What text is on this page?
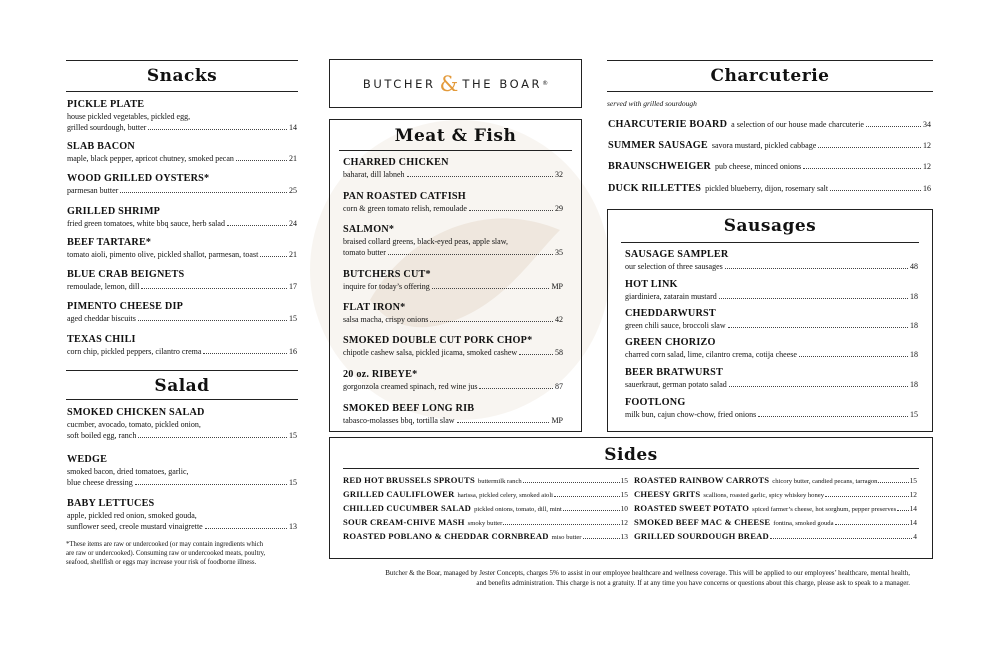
Snacks
PICKLE PLATE
house pickled vegetables, pickled egg,
grilled sourdough, butter	14
SLAB BACON
maple, black pepper, apricot chutney, smoked pecan	21
WOOD GRILLED OYSTERS*
parmesan butter	25
GRILLED SHRIMP
fried green tomatoes, white bbq sauce, herb salad	24
BEEF TARTARE*
tomato aioli, pimento olive, pickled shallot, parmesan, toast	21
BLUE CRAB BEIGNETS
remoulade, lemon, dill	17
PIMENTO CHEESE DIP
aged cheddar biscuits	15
TEXAS CHILI
corn chip, pickled peppers, cilantro crema	16
Salad
SMOKED CHICKEN SALAD
cucmber, avocado, tomato, pickled onion,
soft boiled egg, ranch	15
WEDGE
smoked bacon, dried tomatoes, garlic,
blue cheese dressing	15
BABY LETTUCES
apple, pickled red onion, smoked gouda,
sunflower seed, creole mustard vinaigrette	13
*These items are raw or undercooked (or may contain ingredients which
are raw or undercooked). Consuming raw or undercooked meats, poultry,
seafood, shellfish or eggs may increase your risk of foodborne illness.
BUTCHER & THE BOAR ®
Meat & Fish
CHARRED CHICKEN
baharat, dill labneh	32
PAN ROASTED CATFISH
corn & green tomato relish, remoulade	29
SALMON*
braised collard greens, black-eyed peas, apple slaw,
tomato butter	35
BUTCHERS CUT*
inquire for today’s offering	MP
FLAT IRON*
salsa macha, crispy onions	42
SMOKED DOUBLE CUT PORK CHOP*
chipotle cashew salsa, pickled jicama, smoked cashew	58
20 oz. RIBEYE*
gorgonzola creamed spinach, red wine jus	87
SMOKED BEEF LONG RIB
tabasco-molasses bbq, tortilla slaw	MP
Charcuterie
served with grilled sourdough
CHARCUTERIE BOARD a selection of our house made charcuterie	34
SUMMER SAUSAGE savora mustard, pickled cabbage	12
BRAUNSCHWEIGER pub cheese, minced onions	12
DUCK RILLETTES pickled blueberry, dijon, rosemary salt	16
Sausages
SAUSAGE SAMPLER
our selection of three sausages	48
HOT LINK
giardiniera, zatarain mustard	18
CHEDDARWURST
green chili sauce, broccoli slaw	18
GREEN CHORIZO
charred corn salad, lime, cilantro crema, cotija cheese	18
BEER BRATWURST
sauerkraut, german potato salad	18
FOOTLONG
milk bun, cajun chow-chow, fried onions	15
Sides
RED HOT BRUSSELS SPROUTS buttermilk ranch	15
GRILLED CAULIFLOWER harissa, pickled celery, smoked aioli	15
CHILLED CUCUMBER SALAD pickled onions, tomato, dill, mint	10
SOUR CREAM-CHIVE MASH smoky butter	12
ROASTED POBLANO & CHEDDAR CORNBREAD miso butter	13
ROASTED RAINBOW CARROTS chicory butter, candied pecans, tarragon	15
CHEESY GRITS scallions, roasted garlic, spicy whiskey honey	12
ROASTED SWEET POTATO spiced farmer’s cheese, hot sorghum, pepper preserves 14
SMOKED BEEF MAC & CHEESE fontina, smoked gouda	14
GRILLED SOURDOUGH BREAD	4
Butcher & the Boar, managed by Jester Concepts, charges 5% to assist in our employee healthcare and wellness coverage. This will be applied to our employees’ healthcare, mental health,
and benefits administration. This charge is not a gratuity. If at any time you have concerns or questions about this charge, please ask to speak to a manager.
